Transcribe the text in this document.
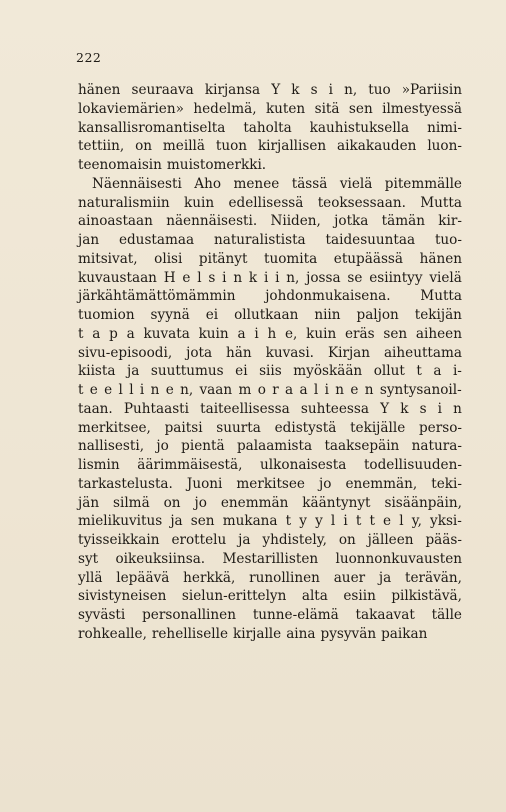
222
hänen seuraava kirjansa Y k s i n, tuo »Pariisin
lokaviemärien» hedelmä, kuten sitä sen ilmestyessä
kansallisromantiselta taholta kauhistuksella nimi-
tettiin, on meillä tuon kirjallisen aikakauden luon-
teenomaisin muistomerkki.
Näennäisesti Aho menee tässä vielä pitemmälle
naturalismiin kuin edellisessä teoksessaan. Mutta
ainoastaan näennäisesti. Niiden, jotka tämän kir-
jan edustamaa naturalistista taidesuuntaa tuo-
mitsivat, olisi pitänyt tuomita etupäässä hänen
kuvaustaan H e l s i n k i i n, jossa se esiintyy vielä
järkähtämättömämmin johdonmukaisena. Mutta
tuomion syynä ei ollutkaan niin paljon tekijän
t a p a kuvata kuin a i h e, kuin eräs sen aiheen
sivu-episoodi, jota hän kuvasi. Kirjan aiheuttama
kiista ja suuttumus ei siis myöskään ollut t a i-
t e e l l i n e n, vaan m o r a a l i n e n syntysanoil-
taan. Puhtaasti taiteellisessa suhteessa Y k s i n
merkitsee, paitsi suurta edistystä tekijälle perso-
nallisesti, jo pientä palaamista taaksepäin natura-
lismin äärimmäisestä, ulkonaisesta todellisuuden-
tarkastelusta. Juoni merkitsee jo enemmän, teki-
jän silmä on jo enemmän kääntynyt sisäänpäin,
mielikuvitus ja sen mukana t y y l i t t e l y, yksi-
tyisseikkain erottelu ja yhdistely, on jälleen pääs-
syt oikeuksiinsa. Mestarillisten luonnonkuvausten
yllä lepäävä herkkä, runollinen auer ja terävän,
sivistyneisen sielun-erittelyn alta esiin pilkistävä,
syvästi personallinen tunne-elämä takaavat tälle
rohkealle, rehelliselle kirjalle aina pysyvän paikan
